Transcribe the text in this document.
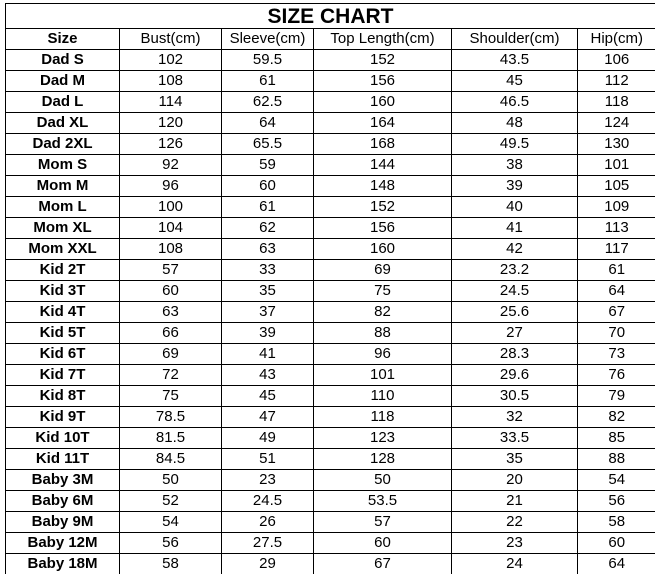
SIZE CHART
Size	Bust(cm)	Sleeve(cm)	Top Length(cm)	Shoulder(cm)	Hip(cm)
Dad S	102	59.5	152	43.5	106
Dad M	108	61	156	45	112
Dad L	114	62.5	160	46.5	118
Dad XL	120	64	164	48	124
Dad 2XL	126	65.5	168	49.5	130
Mom S	92	59	144	38	101
Mom M	96	60	148	39	105
Mom L	100	61	152	40	109
Mom XL	104	62	156	41	113
Mom XXL	108	63	160	42	117
Kid 2T	57	33	69	23.2	61
Kid 3T	60	35	75	24.5	64
Kid 4T	63	37	82	25.6	67
Kid 5T	66	39	88	27	70
Kid 6T	69	41	96	28.3	73
Kid 7T	72	43	101	29.6	76
Kid 8T	75	45	110	30.5	79
Kid 9T	78.5	47	118	32	82
Kid 10T	81.5	49	123	33.5	85
Kid 11T	84.5	51	128	35	88
Baby 3M	50	23	50	20	54
Baby 6M	52	24.5	53.5	21	56
Baby 9M	54	26	57	22	58
Baby 12M	56	27.5	60	23	60
Baby 18M	58	29	67	24	64
